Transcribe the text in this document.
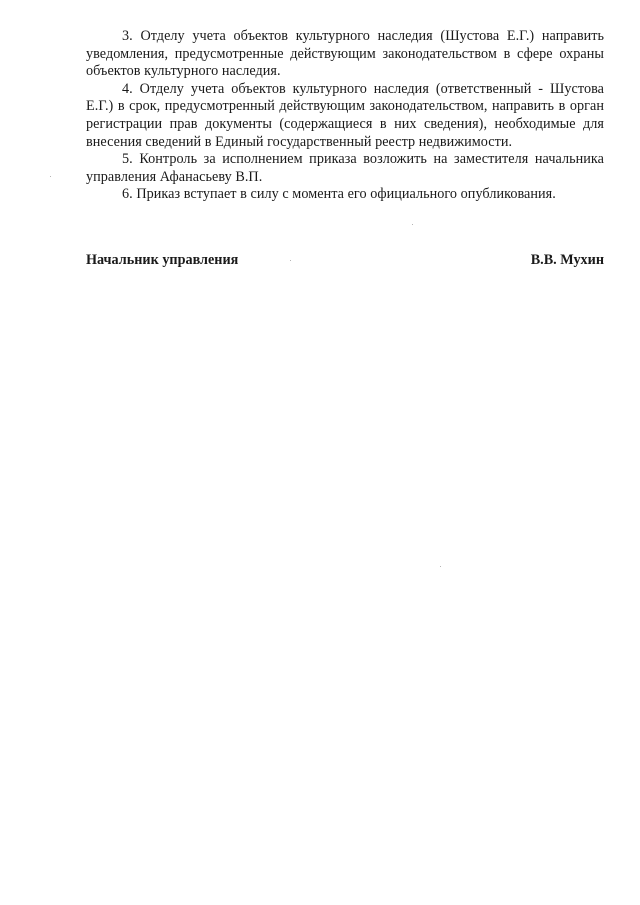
3. Отделу учета объектов культурного наследия (Шустова Е.Г.) направить уведомления, предусмотренные действующим законодательством в сфере охраны объектов культурного наследия.

4. Отделу учета объектов культурного наследия (ответственный - Шустова Е.Г.) в срок, предусмотренный действующим законодательством, направить в орган регистрации прав документы (содержащиеся в них сведения), необходимые для внесения сведений в Единый государственный реестр недвижимости.

5. Контроль за исполнением приказа возложить на заместителя начальника управления Афанасьеву В.П.

6. Приказ вступает в силу с момента его официального опубликования.

Начальник управления	В.В. Мухин
